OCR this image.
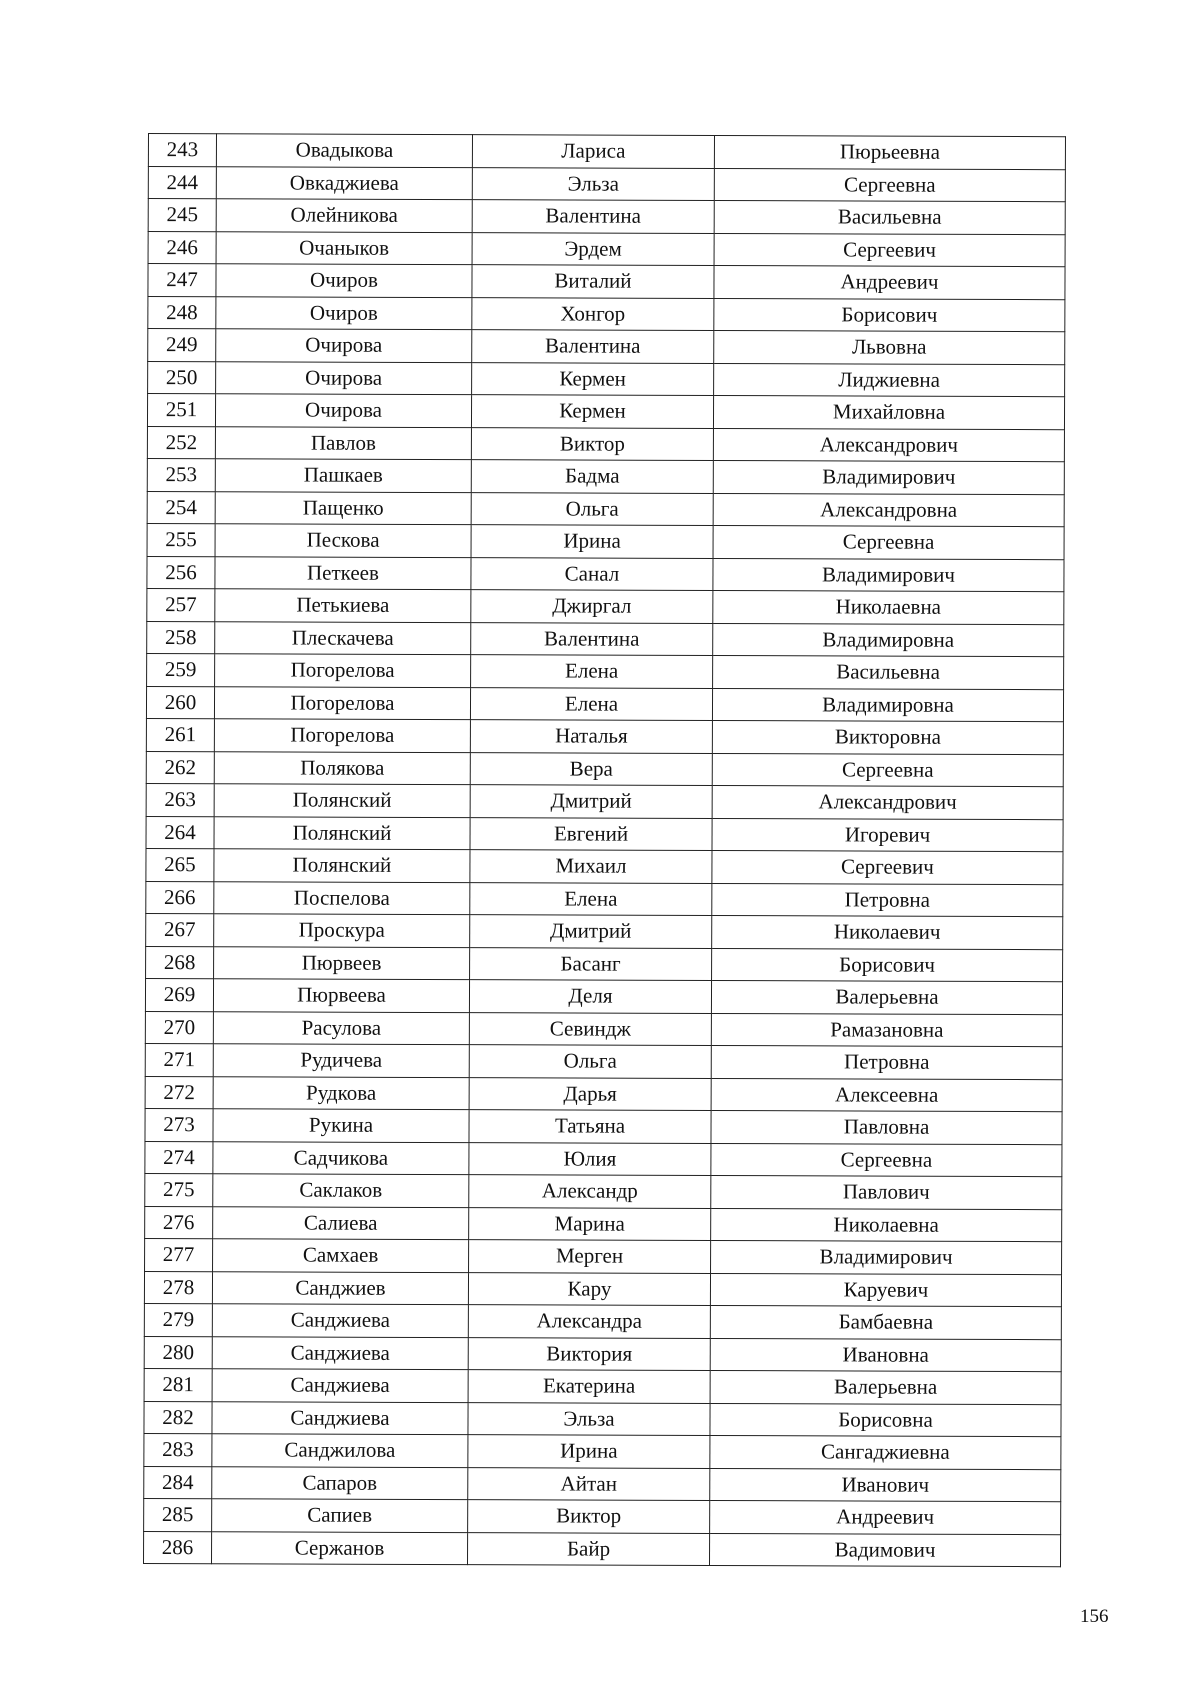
243	Овадыкова	Лариса	Пюрьеевна
244	Овкаджиева	Эльза	Сергеевна
245	Олейникова	Валентина	Васильевна
246	Очаныков	Эрдем	Сергеевич
247	Очиров	Виталий	Андреевич
248	Очиров	Хонгор	Борисович
249	Очирова	Валентина	Львовна
250	Очирова	Кермен	Лиджиевна
251	Очирова	Кермен	Михайловна
252	Павлов	Виктор	Александрович
253	Пашкаев	Бадма	Владимирович
254	Пащенко	Ольга	Александровна
255	Пескова	Ирина	Сергеевна
256	Петкеев	Санал	Владимирович
257	Петькиева	Джиргал	Николаевна
258	Плескачева	Валентина	Владимировна
259	Погорелова	Елена	Васильевна
260	Погорелова	Елена	Владимировна
261	Погорелова	Наталья	Викторовна
262	Полякова	Вера	Сергеевна
263	Полянский	Дмитрий	Александрович
264	Полянский	Евгений	Игоревич
265	Полянский	Михаил	Сергеевич
266	Поспелова	Елена	Петровна
267	Проскура	Дмитрий	Николаевич
268	Пюрвеев	Басанг	Борисович
269	Пюрвеева	Деля	Валерьевна
270	Расулова	Севиндж	Рамазановна
271	Рудичева	Ольга	Петровна
272	Рудкова	Дарья	Алексеевна
273	Рукина	Татьяна	Павловна
274	Садчикова	Юлия	Сергеевна
275	Саклаков	Александр	Павлович
276	Салиева	Марина	Николаевна
277	Самхаев	Мерген	Владимирович
278	Санджиев	Кару	Каруевич
279	Санджиева	Александра	Бамбаевна
280	Санджиева	Виктория	Ивановна
281	Санджиева	Екатерина	Валерьевна
282	Санджиева	Эльза	Борисовна
283	Санджилова	Ирина	Сангаджиевна
284	Сапаров	Айтан	Иванович
285	Сапиев	Виктор	Андреевич
286	Сержанов	Байр	Вадимович
156
